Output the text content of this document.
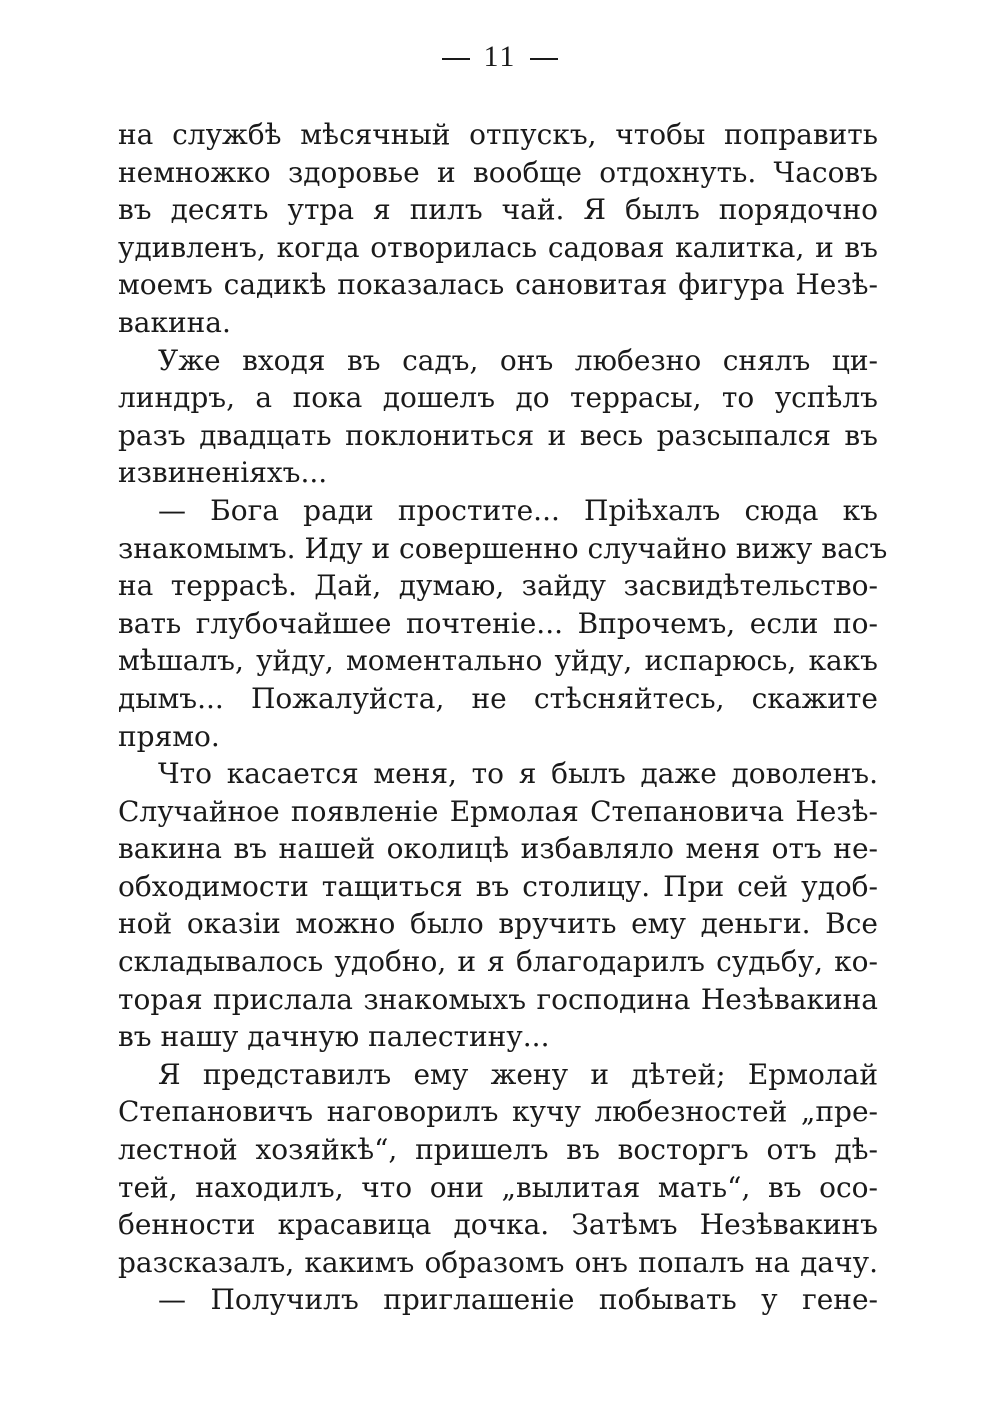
11
на службѣ мѣсячный отпускъ, чтобы поправить
немножко здоровье и вообще отдохнуть. Часовъ
въ десять утра я пилъ чай. Я былъ порядочно
удивленъ, когда отворилась садовая калитка, и въ
моемъ садикѣ показалась сановитая фигура Незѣ-
вакина.
Уже входя въ садъ, онъ любезно снялъ ци-
линдръ, а пока дошелъ до террасы, то успѣлъ
разъ двадцать поклониться и весь разсыпался въ
извиненіяхъ...
— Бога ради простите... Пріѣхалъ сюда къ
знакомымъ. Иду и совершенно случайно вижу васъ
на террасѣ. Дай, думаю, зайду засвидѣтельство-
вать глубочайшее почтеніе... Впрочемъ, если по-
мѣшалъ, уйду, моментально уйду, испарюсь, какъ
дымъ... Пожалуйста, не стѣсняйтесь, скажите
прямо.
Что касается меня, то я былъ даже доволенъ.
Случайное появленіе Ермолая Степановича Незѣ-
вакина въ нашей околицѣ избавляло меня отъ не-
обходимости тащиться въ столицу. При сей удоб-
ной оказіи можно было вручить ему деньги. Все
складывалось удобно, и я благодарилъ судьбу, ко-
торая прислала знакомыхъ господина Незѣвакина
въ нашу дачную палестину...
Я представилъ ему жену и дѣтей; Ермолай
Степановичъ наговорилъ кучу любезностей „пре-
лестной хозяйкѣ“, пришелъ въ восторгъ отъ дѣ-
тей, находилъ, что они „вылитая мать“, въ осо-
бенности красавица дочка. Затѣмъ Незѣвакинъ
разсказалъ, какимъ образомъ онъ попалъ на дачу.
— Получилъ приглашеніе побывать у гене-
